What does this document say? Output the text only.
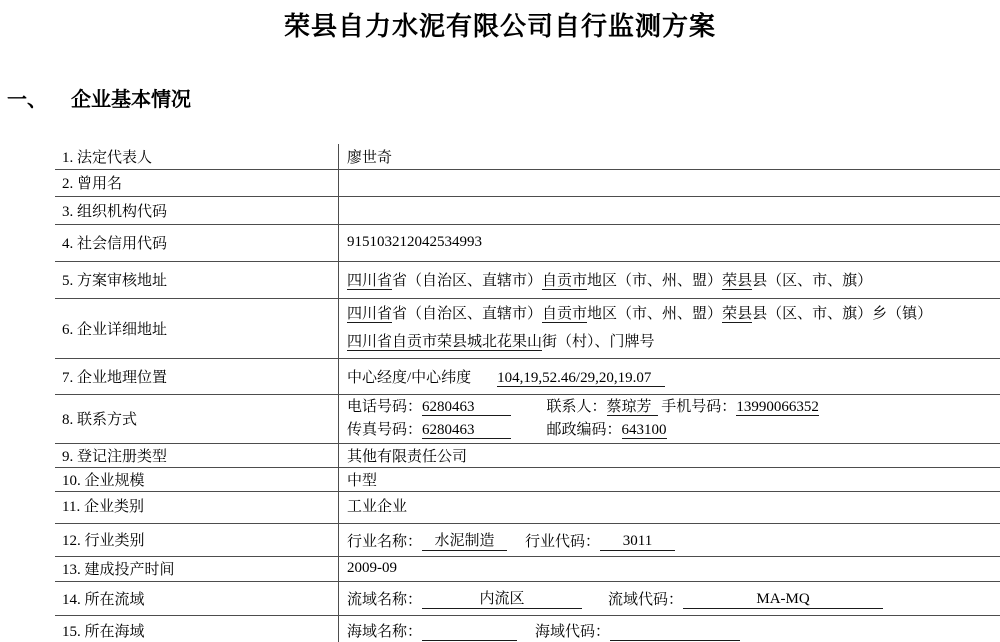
荣县自力水泥有限公司自行监测方案
一、 企业基本情况
1. 法定代表人	廖世奇
2. 曾用名	
3. 组织机构代码	
4. 社会信用代码	915103212042534993
5. 方案审核地址	四川省省（自治区、直辖市）自贡市地区（市、州、盟）荣县县（区、市、旗）
6. 企业详细地址	四川省省（自治区、直辖市）自贡市地区（市、州、盟）荣县县（区、市、旗）乡（镇）
四川省自贡市荣县城北花果山街（村）、门牌号

7. 企业地理位置	中心经度/中心纬度 104,19,52.46/29,20,19.07
8. 联系方式	电话号码：6280463 联系人：蔡琼芳 手机号码：13990066352
传真号码：6280463 邮政编码：643100

9. 登记注册类型	其他有限责任公司
10. 企业规模	中型
11. 企业类别	工业企业
12. 行业类别	行业名称： 水泥制造 行业代码： 3011
13. 建成投产时间	2009-09
14. 所在流域	流域名称： 内流区 流域代码： MA-MQ
15. 所在海域	海域名称： 海域代码：
